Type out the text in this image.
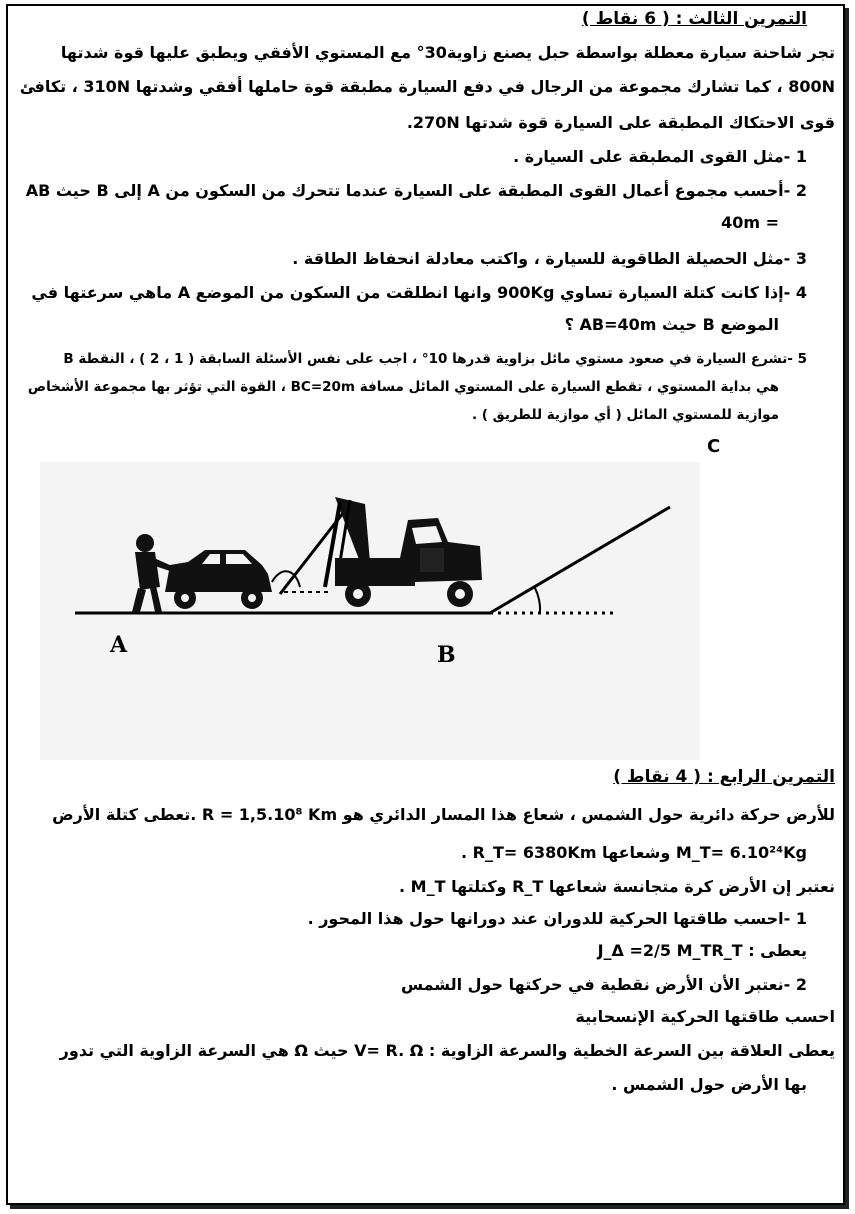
التمرين الثالث : ( 6 نقاط )
تجر شاحنة سيارة معطلة بواسطة حبل يصنع زاوية30° مع المستوي الأفقي ويطبق عليها قوة شدتها
800N ، كما تشارك مجموعة من الرجال في دفع السيارة مطبقة قوة حاملها أفقي وشدتها 310N ، تكافئ
قوى الاحتكاك المطبقة على السيارة قوة شدتها 270N.
1 -مثل القوى المطبقة على السيارة .
2 -أحسب مجموع أعمال القوى المطبقة على السيارة عندما تتحرك من السكون من A إلى B حيث AB
= 40m
3 -مثل الحصيلة الطاقوية للسيارة ، واكتب معادلة انحفاظ الطاقة .
4 -إذا كانت كتلة السيارة تساوي 900Kg وانها انطلقت من السكون من الموضع A ماهي سرعتها في
الموضع B حيث AB=40m ؟
5 -تشرع السيارة في صعود مستوي مائل بزاوية قدرها 10° ، اجب على نفس الأسئلة السابقة ( 1 ، 2 ) ، النقطة B
هي بداية المستوي ، تقطع السيارة على المستوي المائل مسافة BC=20m ، القوة التي تؤثر بها مجموعة الأشخاص
موازية للمستوي المائل ( أي موازية للطريق ) .
A	B
C
التمرين الرابع : ( 4 نقاط )
للأرض حركة دائرية حول الشمس ، شعاع هذا المسار الدائري هو R = 1,5.10⁸ Km .تعطى كتلة الأرض
M_T= 6.10²⁴Kg وشعاعها R_T= 6380Km .
نعتبر إن الأرض كرة متجانسة شعاعها R_T وكتلتها M_T .
1 -احسب طاقتها الحركية للدوران عند دورانها حول هذا المحور .
يعطى : J_Δ =2/5 M_TR_T
2 -نعتبر الأن الأرض نقطية في حركتها حول الشمس
احسب طاقتها الحركية الإنسحابية
يعطى العلاقة بين السرعة الخطية والسرعة الزاوية : V= R. Ω حيث Ω هي السرعة الزاوية التي تدور
بها الأرض حول الشمس .
